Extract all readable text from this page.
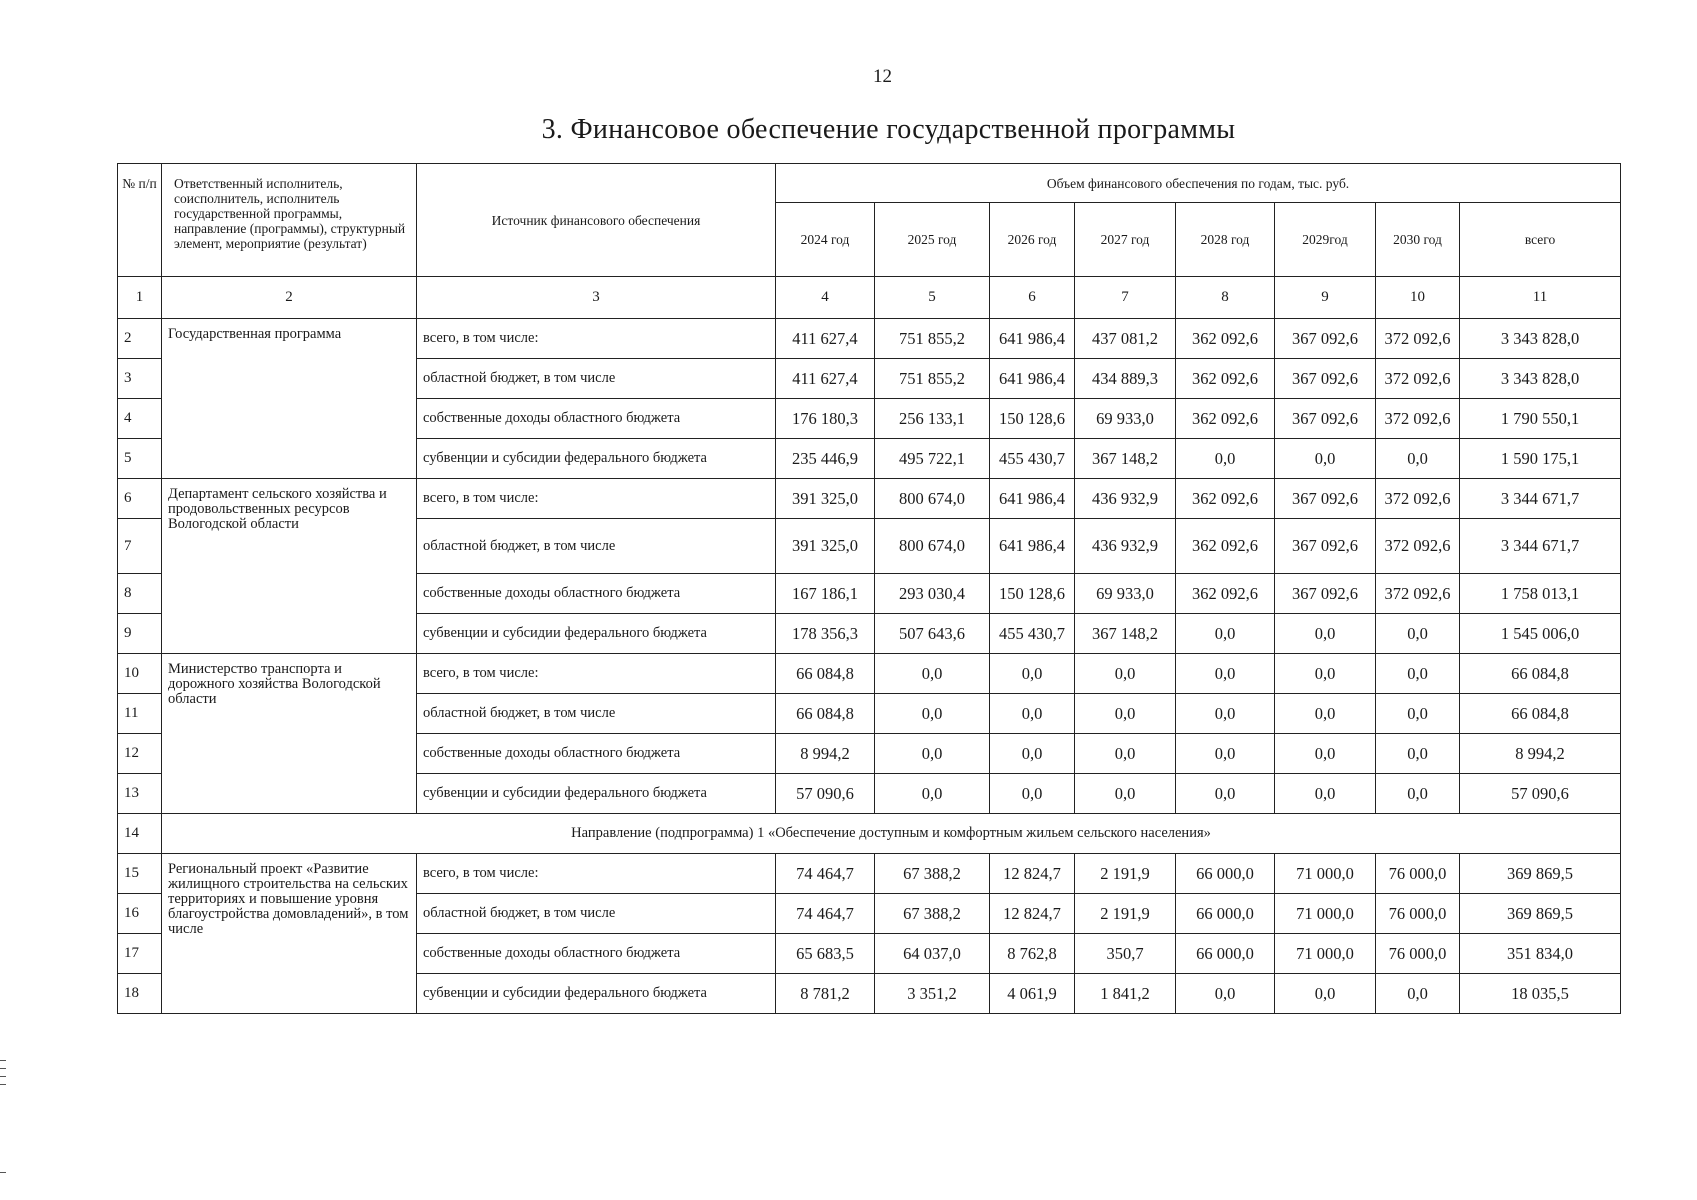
12
3. Финансовое обеспечение государственной программы
№ п/п	Ответственный исполнитель, соисполнитель, исполнитель государственной программы, направление (программы), структурный элемент, мероприятие (результат)	Источник финансового обеспечения	Объем финансового обеспечения по годам, тыс. руб.							
			2024 год	2025 год	2026 год	2027 год	2028 год	2029год	2030 год	всего
1	2	3	4	5	6	7	8	9	10	11
2	Государственная программа	всего, в том числе:	411 627,4	751 855,2	641 986,4	437 081,2	362 092,6	367 092,6	372 092,6	3 343 828,0
3		областной бюджет, в том числе	411 627,4	751 855,2	641 986,4	434 889,3	362 092,6	367 092,6	372 092,6	3 343 828,0
4		собственные доходы областного бюджета	176 180,3	256 133,1	150 128,6	69 933,0	362 092,6	367 092,6	372 092,6	1 790 550,1
5		субвенции и субсидии федерального бюджета	235 446,9	495 722,1	455 430,7	367 148,2	0,0	0,0	0,0	1 590 175,1
6	Департамент сельского хозяйства и продовольственных ресурсов Вологодской области	всего, в том числе:	391 325,0	800 674,0	641 986,4	436 932,9	362 092,6	367 092,6	372 092,6	3 344 671,7
7		областной бюджет, в том числе	391 325,0	800 674,0	641 986,4	436 932,9	362 092,6	367 092,6	372 092,6	3 344 671,7
8		собственные доходы областного бюджета	167 186,1	293 030,4	150 128,6	69 933,0	362 092,6	367 092,6	372 092,6	1 758 013,1
9		субвенции и субсидии федерального бюджета	178 356,3	507 643,6	455 430,7	367 148,2	0,0	0,0	0,0	1 545 006,0
10	Министерство транспорта и дорожного хозяйства Вологодской области	всего, в том числе:	66 084,8	0,0	0,0	0,0	0,0	0,0	0,0	66 084,8
11		областной бюджет, в том числе	66 084,8	0,0	0,0	0,0	0,0	0,0	0,0	66 084,8
12		собственные доходы областного бюджета	8 994,2	0,0	0,0	0,0	0,0	0,0	0,0	8 994,2
13		субвенции и субсидии федерального бюджета	57 090,6	0,0	0,0	0,0	0,0	0,0	0,0	57 090,6
14	Направление (подпрограмма) 1 «Обеспечение доступным и комфортным жильем сельского населения»									
15	Региональный проект «Развитие жилищного строительства на сельских территориях и повышение уровня благоустройства домовладений», в том числе	всего, в том числе:	74 464,7	67 388,2	12 824,7	2 191,9	66 000,0	71 000,0	76 000,0	369 869,5
16		областной бюджет, в том числе	74 464,7	67 388,2	12 824,7	2 191,9	66 000,0	71 000,0	76 000,0	369 869,5
17		собственные доходы областного бюджета	65 683,5	64 037,0	8 762,8	350,7	66 000,0	71 000,0	76 000,0	351 834,0
18		субвенции и субсидии федерального бюджета	8 781,2	3 351,2	4 061,9	1 841,2	0,0	0,0	0,0	18 035,5
